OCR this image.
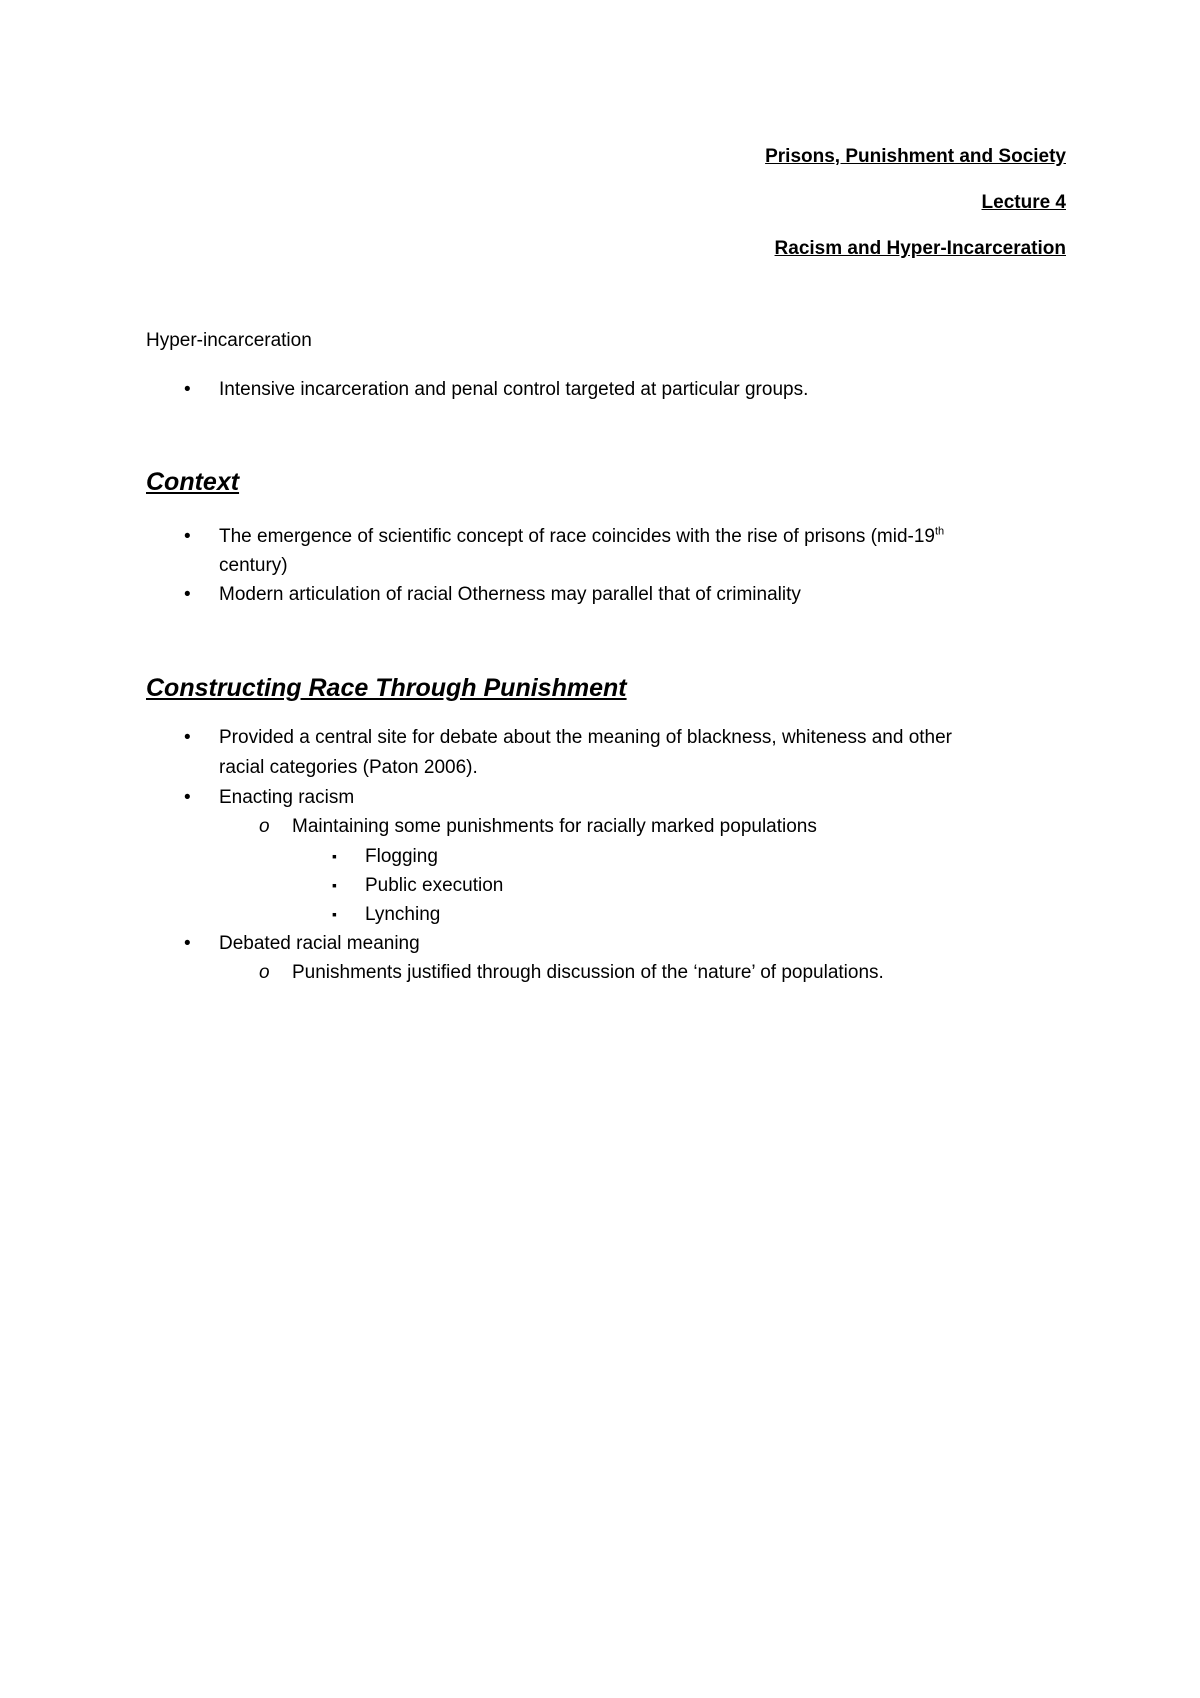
Prisons, Punishment and Society
Lecture 4
Racism and Hyper-Incarceration
Hyper-incarceration
• Intensive incarceration and penal control targeted at particular groups.
Context
• The emergence of scientific concept of race coincides with the rise of prisons (mid-19th
century)
• Modern articulation of racial Otherness may parallel that of criminality
Constructing Race Through Punishment
• Provided a central site for debate about the meaning of blackness, whiteness and other
racial categories (Paton 2006).
• Enacting racism
o Maintaining some punishments for racially marked populations
▪ Flogging
▪ Public execution
▪ Lynching
• Debated racial meaning
o Punishments justified through discussion of the ‘nature’ of populations.
